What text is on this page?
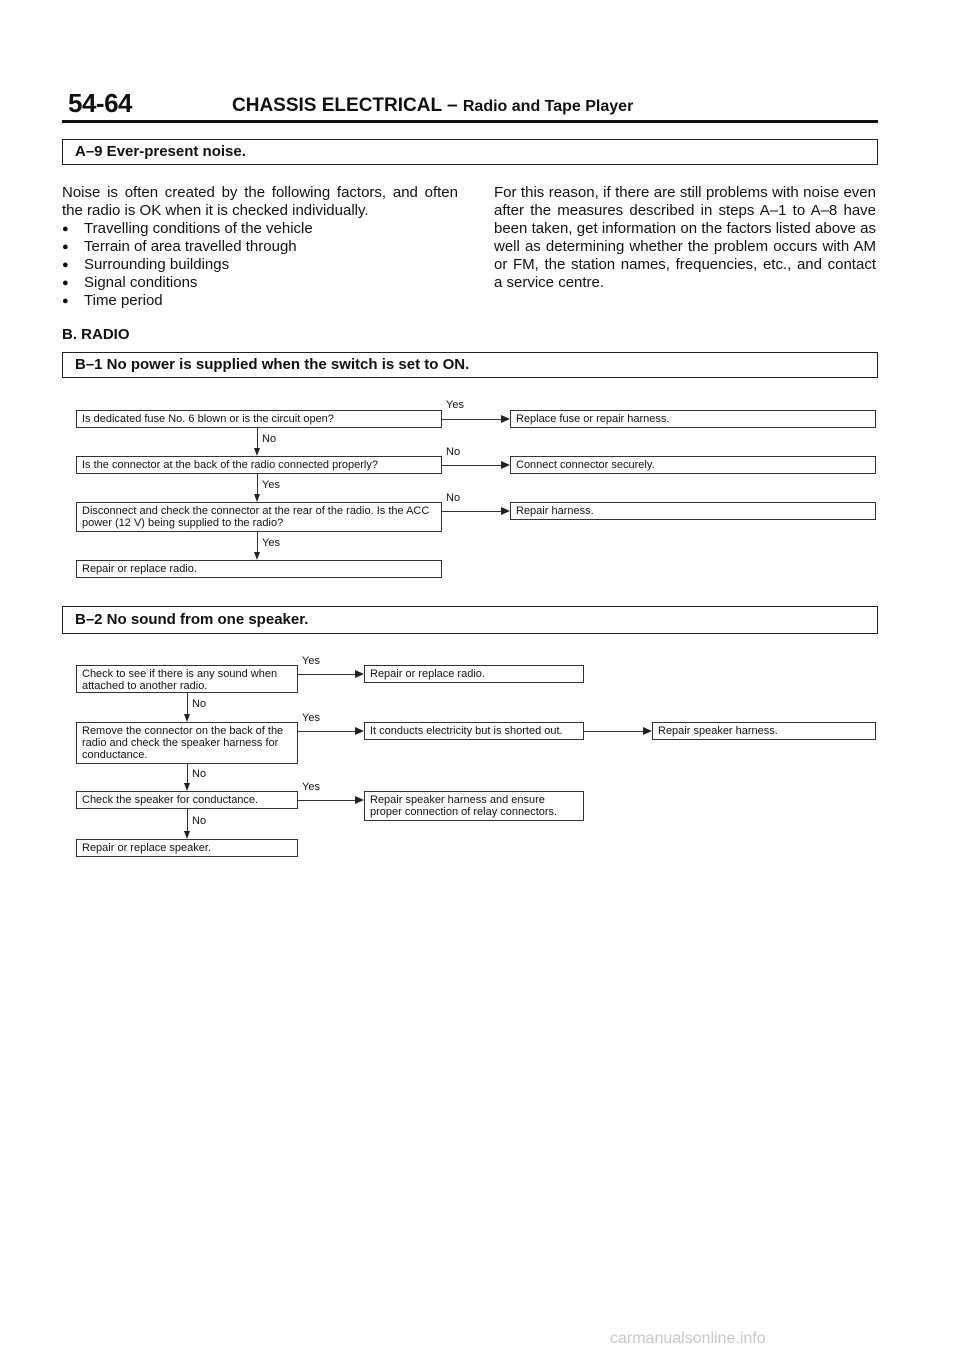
54-64	CHASSIS ELECTRICAL – Radio and Tape Player
A–9 Ever-present noise.

Noise is often created by the following factors, and often the radio is OK when it is checked individually.

● Travelling conditions of the vehicle
● Terrain of area travelled through
● Surrounding buildings
● Signal conditions
● Time period

For this reason, if there are still problems with noise even after the measures described in steps A–1 to A–8 have been taken, get information on the factors listed above as well as determining whether the problem occurs with AM or FM, the station names, frequencies, etc., and contact a service centre.

B. RADIO
B–1 No power is supplied when the switch is set to ON.
Is dedicated fuse No. 6 blown or is the circuit open?
Is the connector at the back of the radio connected properly?
Disconnect and check the connector at the rear of the radio. Is the ACC power (12 V) being supplied to the radio?
Repair or replace radio.
Replace fuse or repair harness.
Connect connector securely.
Repair harness.
Yes
No
No
No
Yes
Yes
B–2 No sound from one speaker.
Check to see if there is any sound when attached to another radio.
Remove the connector on the back of the radio and check the speaker harness for conductance.
Check the speaker for conductance.
Repair or replace speaker.
Repair or replace radio.
It conducts electricity but is shorted out.
Repair speaker harness and ensure proper connection of relay connectors.
Repair speaker harness.
Yes
Yes
Yes
No
No
No
carmanualsonline.info
